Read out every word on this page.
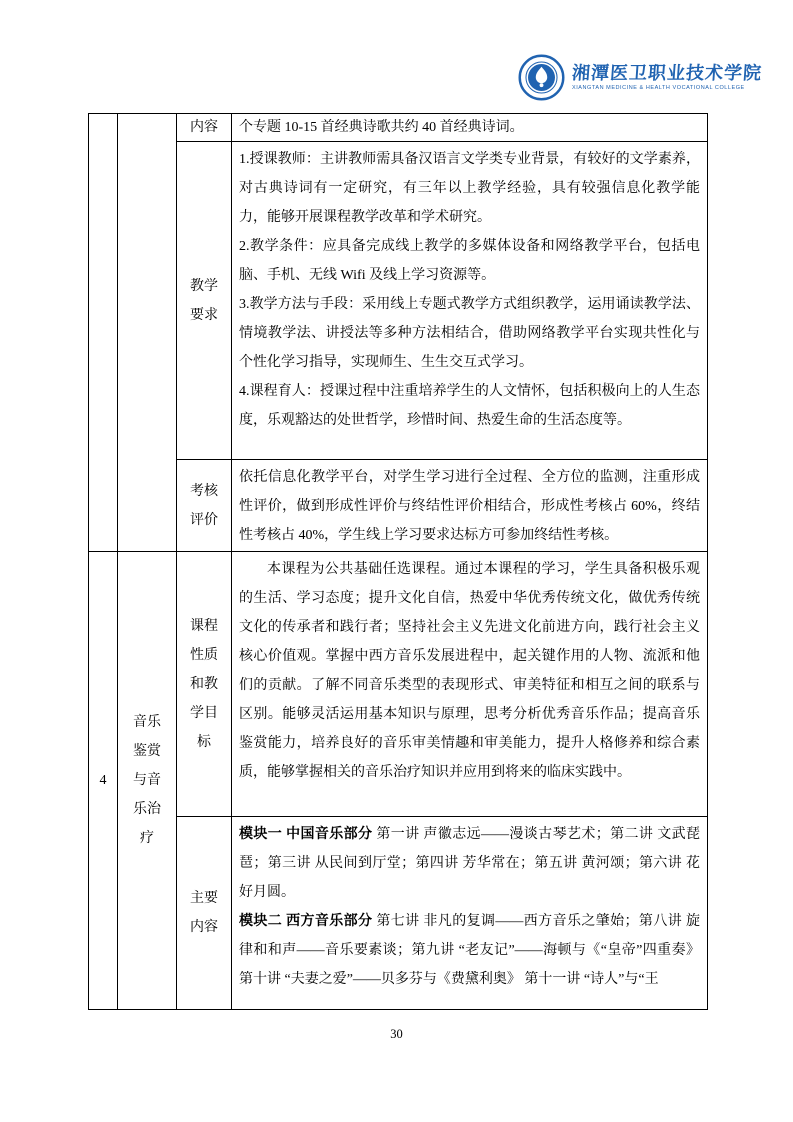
湘潭医卫职业技术学院
XIANGTAN MEDICINE & HEALTH VOCATIONAL COLLEGE
内容 个专题 10-15 首经典诗歌共约 40 首经典诗词。

教学要求

1.授课教师：主讲教师需具备汉语言文学类专业背景，有较好的文学素养，对古典诗词有一定研究，有三年以上教学经验，具有较强信息化教学能力，能够开展课程教学改革和学术研究。

2.教学条件：应具备完成线上教学的多媒体设备和网络教学平台，包括电脑、手机、无线 Wifi 及线上学习资源等。

3.教学方法与手段：采用线上专题式教学方式组织教学，运用诵读教学法、情境教学法、讲授法等多种方法相结合，借助网络教学平台实现共性化与个性化学习指导，实现师生、生生交互式学习。

4.课程育人：授课过程中注重培养学生的人文情怀，包括积极向上的人生态度，乐观豁达的处世哲学，珍惜时间、热爱生命的生活态度等。

考核评价

依托信息化教学平台，对学生学习进行全过程、全方位的监测，注重形成性评价，做到形成性评价与终结性评价相结合，形成性考核占 60%，终结性考核占 40%，学生线上学习要求达标方可参加终结性考核。

4
音乐鉴赏与音乐治疗
课程性质和教学目标

本课程为公共基础任选课程。通过本课程的学习，学生具备积极乐观的生活、学习态度；提升文化自信，热爱中华优秀传统文化，做优秀传统文化的传承者和践行者；坚持社会主义先进文化前进方向，践行社会主义核心价值观。掌握中西方音乐发展进程中，起关键作用的人物、流派和他们的贡献。了解不同音乐类型的表现形式、审美特征和相互之间的联系与区别。能够灵活运用基本知识与原理，思考分析优秀音乐作品；提高音乐鉴赏能力，培养良好的音乐审美情趣和审美能力，提升人格修养和综合素质，能够掌握相关的音乐治疗知识并应用到将来的临床实践中。

主要内容

模块一 中国音乐部分 第一讲 声徽志远——漫谈古琴艺术；第二讲 文武琵琶；第三讲 从民间到厅堂；第四讲 芳华常在；第五讲 黄河颂；第六讲 花好月圆。

模块二 西方音乐部分 第七讲 非凡的复调——西方音乐之肇始；第八讲 旋律和和声——音乐要素谈；第九讲 “老友记”——海顿与《“皇帝”四重奏》第十讲 “夫妻之爱”——贝多芬与《费黛利奥》 第十一讲 “诗人”与“王

30
